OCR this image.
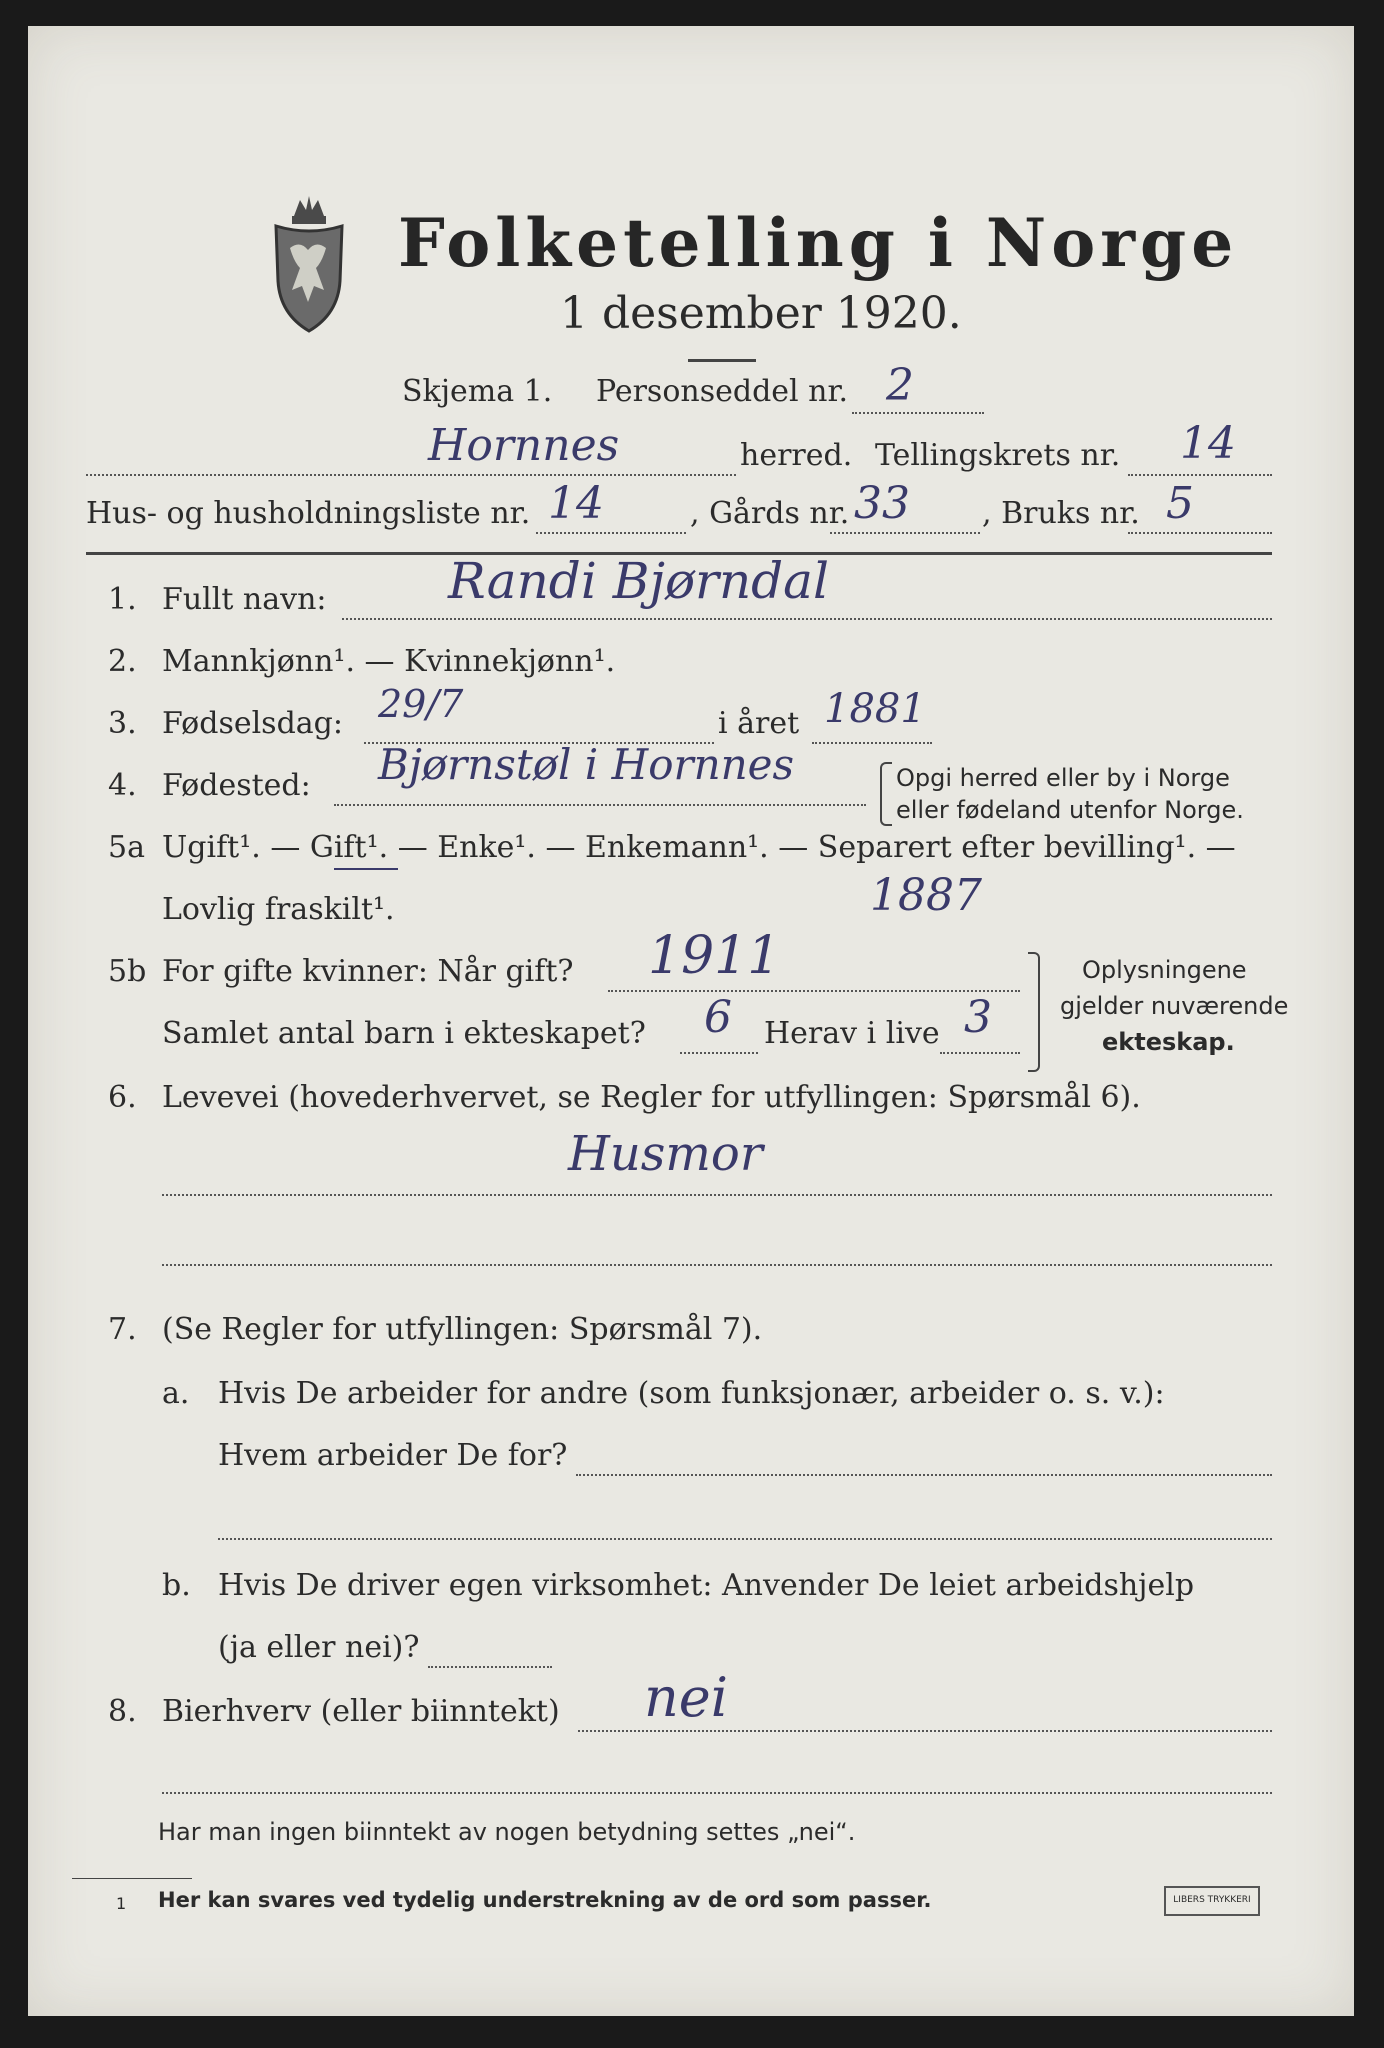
Folketelling i Norge
1 desember 1920.
Skjema 1. Personseddel nr. 2
Hornnes	herred. Tellingskrets nr. 14
Hus- og husholdningsliste nr. 14	, Gårds nr. 33 , Bruks nr. 5
1. Fullt navn: Randi Bjørndal
2. Mannkjønn¹. — Kvinnekjønn¹.
3. Fødselsdag: 29/7	i året 1881
4. Fødested: Bjørnstøl i Hornnes	Opgi herred eller by i Norge
eller fødeland utenfor Norge.
5a Ugift¹. — Gift¹. — Enke¹. — Enkemann¹. — Separert efter bevilling¹. —
Lovlig fraskilt¹.
5b For gifte kvinner: Når gift? 1911
1887
Samlet antal barn i ekteskapet? 6 Herav i live 3
Oplysningene
gjelder nuværende
ekteskap.
6. Levevei (hovederhvervet, se Regler for utfyllingen: Spørsmål 6).
Husmor
7. (Se Regler for utfyllingen: Spørsmål 7).
a. Hvis De arbeider for andre (som funksjonær, arbeider o. s. v.):
Hvem arbeider De for?
b. Hvis De driver egen virksomhet: Anvender De leiet arbeidshjelp
(ja eller nei)?
8. Bierhverv (eller biinntekt) nei
Har man ingen biinntekt av nogen betydning settes „nei“.
1 Her kan svares ved tydelig understrekning av de ord som passer.	LIBERS TRYKKERI
